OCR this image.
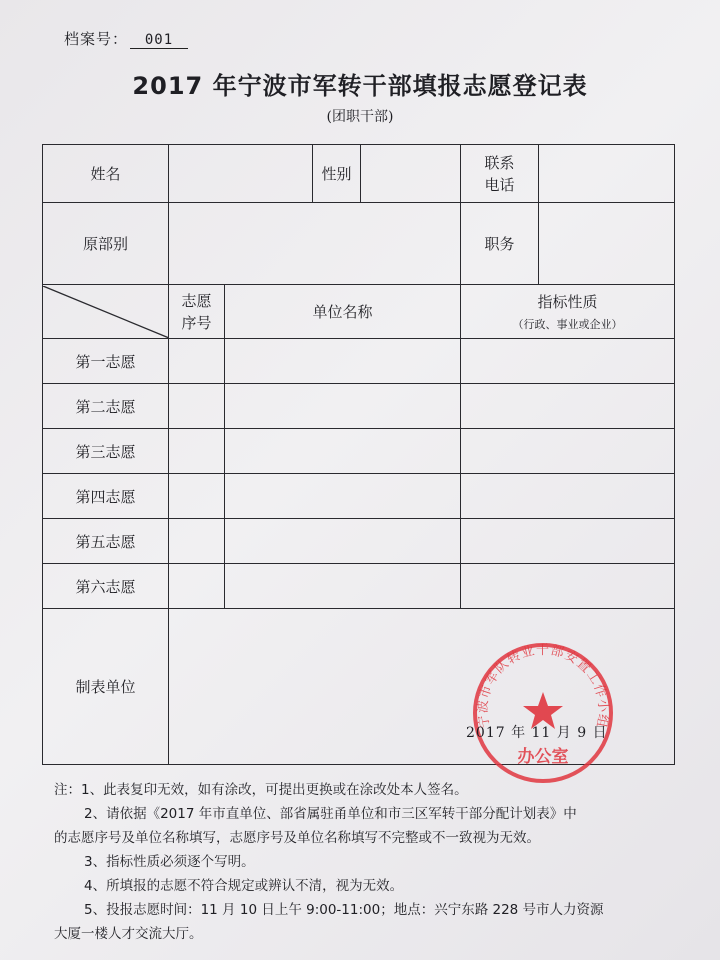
档案号： 001
2017 年宁波市军转干部填报志愿登记表
(团职干部)
姓名			性别		联系
电话	
原部别					职务	

	志愿
序号	单位名称			指标性质
（行政、事业或企业）	

第一志愿						
第二志愿						
第三志愿						
第四志愿						
第五志愿						
第六志愿						
制表单位						
宁波市军队转业干部安置工作小组
办公室
2017 年 11 月 9 日
注：1、此表复印无效，如有涂改，可提出更换或在涂改处本人签名。
2、请依据《2017 年市直单位、部省属驻甬单位和市三区军转干部分配计划表》中
的志愿序号及单位名称填写，志愿序号及单位名称填写不完整或不一致视为无效。
3、指标性质必须逐个写明。
4、所填报的志愿不符合规定或辨认不清，视为无效。
5、投报志愿时间：11 月 10 日上午 9:00-11:00；地点：兴宁东路 228 号市人力资源
大厦一楼人才交流大厅。
